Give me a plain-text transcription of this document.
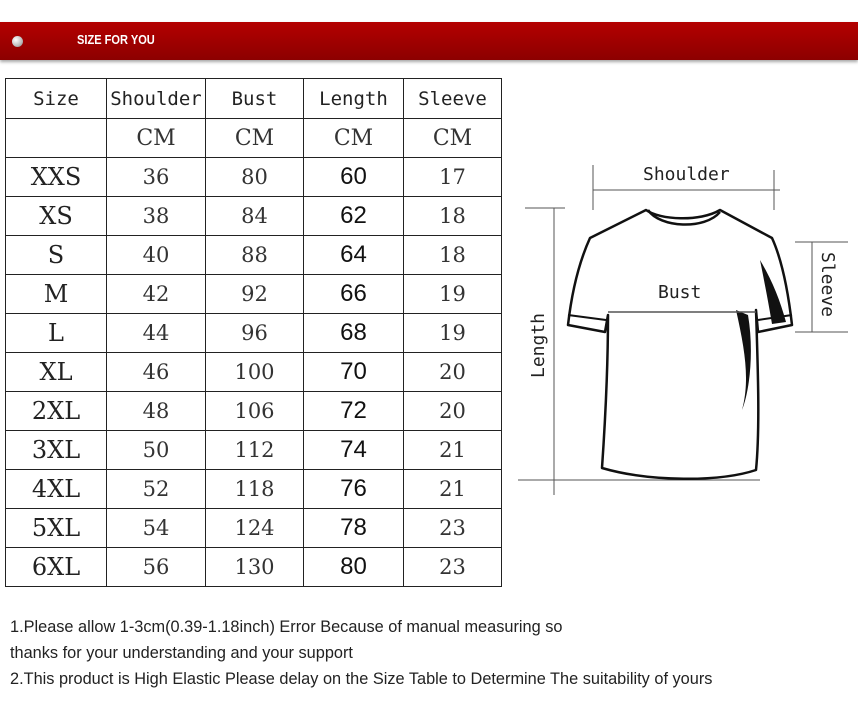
SIZE FOR YOU
Size	Shoulder	Bust	Length	Sleeve
	CM	CM	CM	CM
XXS	36	80	60	17
XS	38	84	62	18
S	40	88	64	18
M	42	92	66	19
L	44	96	68	19
XL	46	100	70	20
2XL	48	106	72	20
3XL	50	112	74	21
4XL	52	118	76	21
5XL	54	124	78	23
6XL	56	130	80	23
Shoulder
Bust
Length
Sleeve

1.Please allow 1-3cm(0.39-1.18inch) Error Because of manual measuring so

thanks for your understanding and your support

2.This product is High Elastic Please delay on the Size Table to Determine The suitability of yours
